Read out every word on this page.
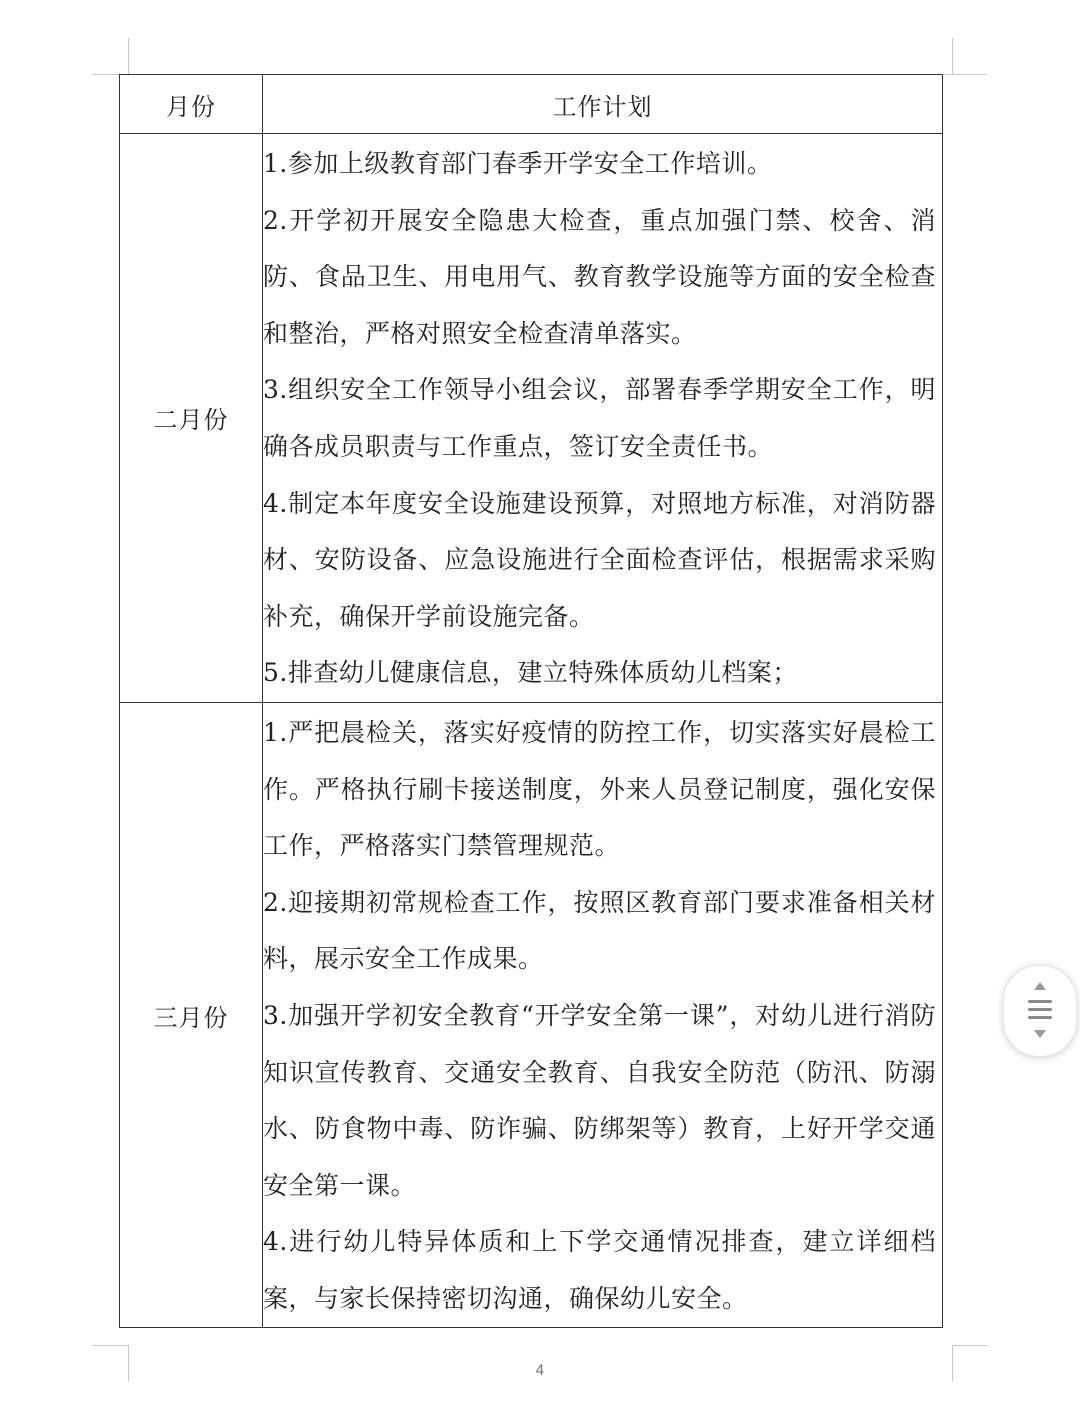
月份	工作计划
二月份	1.参加上级教育部门春季开学安全工作培训。

2.开学初开展安全隐患大检查，重点加强门禁、校舍、消防、食品卫生、用电用气、教育教学设施等方面的安全检查和整治，严格对照安全检查清单落实。

3.组织安全工作领导小组会议，部署春季学期安全工作，明确各成员职责与工作重点，签订安全责任书。

4.制定本年度安全设施建设预算，对照地方标准，对消防器材、安防设备、应急设施进行全面检查评估，根据需求采购补充，确保开学前设施完备。

5.排查幼儿健康信息，建立特殊体质幼儿档案；

三月份	1.严把晨检关，落实好疫情的防控工作，切实落实好晨检工作。严格执行刷卡接送制度，外来人员登记制度，强化安保工作，严格落实门禁管理规范。

2.迎接期初常规检查工作，按照区教育部门要求准备相关材料，展示安全工作成果。

3.加强开学初安全教育“开学安全第一课”，对幼儿进行消防知识宣传教育、交通安全教育、自我安全防范（防汛、防溺水、防食物中毒、防诈骗、防绑架等）教育，上好开学交通安全第一课。

4.进行幼儿特异体质和上下学交通情况排查，建立详细档案，与家长保持密切沟通，确保幼儿安全。

4
